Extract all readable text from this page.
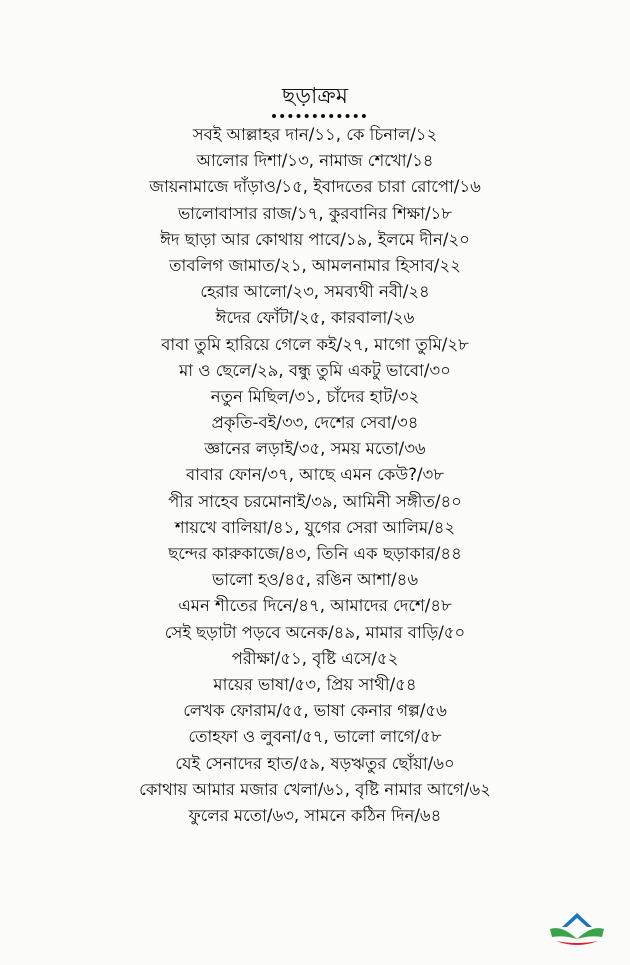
ছড়াক্রম
সবই আল্লাহর দান/১১, কে চিনাল/১২
আলোর দিশা/১৩, নামাজ শেখো/১৪
জায়নামাজে দাঁড়াও/১৫, ইবাদতের চারা রোপো/১৬
ভালোবাসার রাজ/১৭, কুরবানির শিক্ষা/১৮
ঈদ ছাড়া আর কোথায় পাবে/১৯, ইলমে দীন/২০
তাবলিগ জামাত/২১, আমলনামার হিসাব/২২
হেরার আলো/২৩, সমব্যথী নবী/২৪
ঈদের ফোঁটা/২৫, কারবালা/২৬
বাবা তুমি হারিয়ে গেলে কই/২৭, মাগো তুমি/২৮
মা ও ছেলে/২৯, বন্ধু তুমি একটু ভাবো/৩০
নতুন মিছিল/৩১, চাঁদের হাট/৩২
প্রকৃতি-বই/৩৩, দেশের সেবা/৩৪
জ্ঞানের লড়াই/৩৫, সময় মতো/৩৬
বাবার ফোন/৩৭, আছে এমন কেউ?/৩৮
পীর সাহেব চরমোনাই/৩৯, আমিনী সঙ্গীত/৪০
শায়খে বালিয়া/৪১, যুগের সেরা আলিম/৪২
ছন্দের কারুকাজে/৪৩, তিনি এক ছড়াকার/৪৪
ভালো হও/৪৫, রঙিন আশা/৪৬
এমন শীতের দিনে/৪৭, আমাদের দেশে/৪৮
সেই ছড়াটা পড়বে অনেক/৪৯, মামার বাড়ি/৫০
পরীক্ষা/৫১, বৃষ্টি এসে/৫২
মায়ের ভাষা/৫৩, প্রিয় সাথী/৫৪
লেখক ফোরাম/৫৫, ভাষা কেনার গল্প/৫৬
তোহফা ও লুবনা/৫৭, ভালো লাগে/৫৮
যেই সেনাদের হাত/৫৯, ষড়ঋতুর ছোঁয়া/৬০
কোথায় আমার মজার খেলা/৬১, বৃষ্টি নামার আগে/৬২
ফুলের মতো/৬৩, সামনে কঠিন দিন/৬৪
